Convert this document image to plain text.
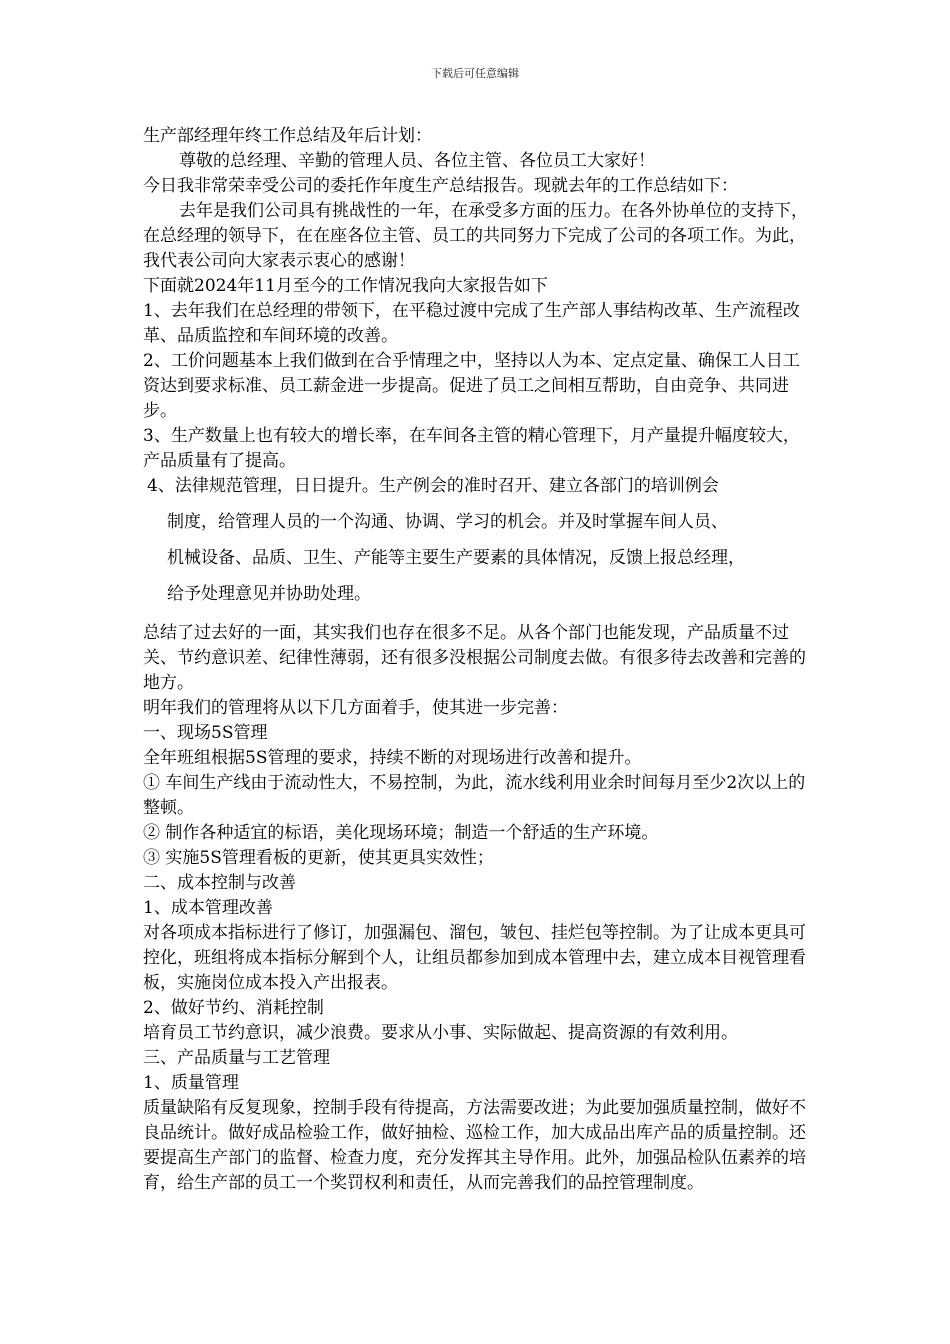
下载后可任意编辑

生产部经理年终工作总结及年后计划：

尊敬的总经理、辛勤的管理人员、各位主管、各位员工大家好！

今日我非常荣幸受公司的委托作年度生产总结报告。现就去年的工作总结如下：

去年是我们公司具有挑战性的一年，在承受多方面的压力。在各外协单位的支持下，在总经理的领导下，在在座各位主管、员工的共同努力下完成了公司的各项工作。为此，我代表公司向大家表示衷心的感谢！

下面就2024年11月至今的工作情况我向大家报告如下

1、去年我们在总经理的带领下，在平稳过渡中完成了生产部人事结构改革、生产流程改革、品质监控和车间环境的改善。

2、工价问题基本上我们做到在合乎情理之中，坚持以人为本、定点定量、确保工人日工资达到要求标准、员工薪金进一步提高。促进了员工之间相互帮助，自由竞争、共同进步。

3、生产数量上也有较大的增长率，在车间各主管的精心管理下，月产量提升幅度较大，产品质量有了提高。

4、法律规范管理，日日提升。生产例会的准时召开、建立各部门的培训例会

制度，给管理人员的一个沟通、协调、学习的机会。并及时掌握车间人员、

机械设备、品质、卫生、产能等主要生产要素的具体情况，反馈上报总经理，

给予处理意见并协助处理。

总结了过去好的一面，其实我们也存在很多不足。从各个部门也能发现，产品质量不过关、节约意识差、纪律性薄弱，还有很多没根据公司制度去做。有很多待去改善和完善的地方。

明年我们的管理将从以下几方面着手，使其进一步完善：

一、现场5S管理

全年班组根据5S管理的要求，持续不断的对现场进行改善和提升。

① 车间生产线由于流动性大，不易控制，为此，流水线利用业余时间每月至少2次以上的整顿。

② 制作各种适宜的标语，美化现场环境；制造一个舒适的生产环境。

③ 实施5S管理看板的更新，使其更具实效性；

二、成本控制与改善

1、成本管理改善

对各项成本指标进行了修订，加强漏包、溜包，皱包、挂烂包等控制。为了让成本更具可控化，班组将成本指标分解到个人，让组员都参加到成本管理中去，建立成本目视管理看板，实施岗位成本投入产出报表。

2、做好节约、消耗控制

培育员工节约意识，减少浪费。要求从小事、实际做起、提高资源的有效利用。

三、产品质量与工艺管理

1、质量管理

质量缺陷有反复现象，控制手段有待提高，方法需要改进；为此要加强质量控制，做好不良品统计。做好成品检验工作，做好抽检、巡检工作，加大成品出库产品的质量控制。还要提高生产部门的监督、检查力度，充分发挥其主导作用。此外，加强品检队伍素养的培育，给生产部的员工一个奖罚权利和责任，从而完善我们的品控管理制度。
